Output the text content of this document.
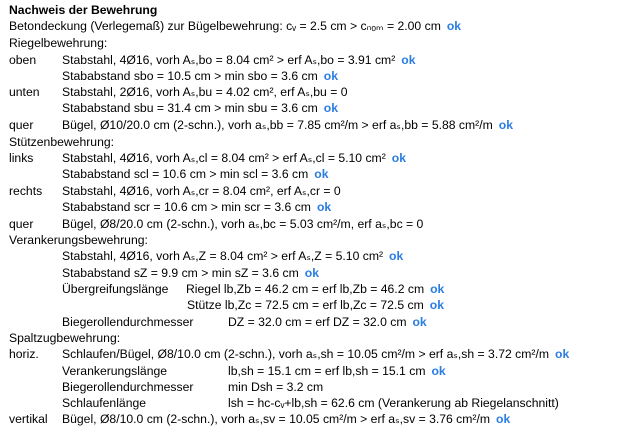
Nachweis der Bewehrung
Betondeckung (Verlegemaß) zur Bügelbewehrung: cᵥ = 2.5 cm > cₙₒₘ = 2.00 cm ok
Riegelbewehrung:
oben Stabstahl, 4Ø16, vorh Aₛ,bo = 8.04 cm² > erf Aₛ,bo = 3.91 cm² ok
Stababstand sbo = 10.5 cm > min sbo = 3.6 cm ok
unten Stabstahl, 2Ø16, vorh Aₛ,bu = 4.02 cm², erf Aₛ,bu = 0
Stababstand sbu = 31.4 cm > min sbu = 3.6 cm ok
quer Bügel, Ø10/20.0 cm (2-schn.), vorh aₛ,bb = 7.85 cm²/m > erf aₛ,bb = 5.88 cm²/m ok
Stützenbewehrung:
links Stabstahl, 4Ø16, vorh Aₛ,cl = 8.04 cm² > erf Aₛ,cl = 5.10 cm² ok
Stababstand scl = 10.6 cm > min scl = 3.6 cm ok
rechts Stabstahl, 4Ø16, vorh Aₛ,cr = 8.04 cm², erf Aₛ,cr = 0
Stababstand scr = 10.6 cm > min scr = 3.6 cm ok
quer Bügel, Ø8/20.0 cm (2-schn.), vorh aₛ,bc = 5.03 cm²/m, erf aₛ,bc = 0
Verankerungsbewehrung:
Stabstahl, 4Ø16, vorh Aₛ,Z = 8.04 cm² > erf Aₛ,Z = 5.10 cm² ok
Stababstand sZ = 9.9 cm > min sZ = 3.6 cm ok
Übergreifungslänge Riegel lb,Zb = 46.2 cm = erf lb,Zb = 46.2 cm ok
Stütze lb,Zc = 72.5 cm = erf lb,Zc = 72.5 cm ok
Biegerollendurchmesser	DZ = 32.0 cm = erf DZ = 32.0 cm ok
Spaltzugbewehrung:
horiz. Schlaufen/Bügel, Ø8/10.0 cm (2-schn.), vorh aₛ,sh = 10.05 cm²/m > erf aₛ,sh = 3.72 cm²/m ok
Verankerungslänge	lb,sh = 15.1 cm = erf lb,sh = 15.1 cm ok
Biegerollendurchmesser	min Dsh = 3.2 cm
Schlaufenlänge	lsh = hc-cᵥ+lb,sh = 62.6 cm (Verankerung ab Riegelanschnitt)
vertikal Bügel, Ø8/10.0 cm (2-schn.), vorh aₛ,sv = 10.05 cm²/m > erf aₛ,sv = 3.76 cm²/m ok
